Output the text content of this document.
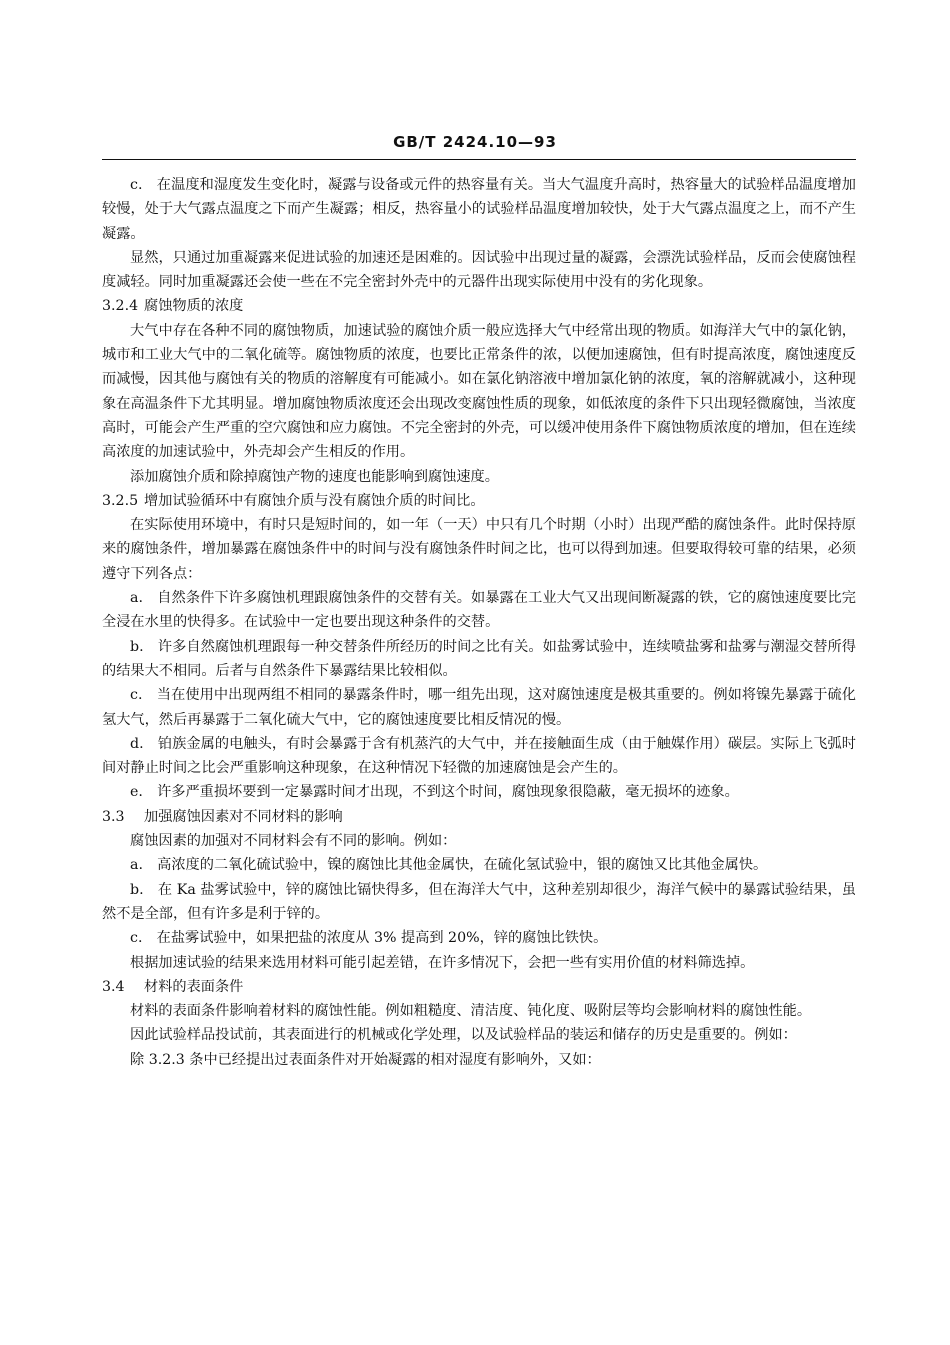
GB/T 2424.10—93

c.　在温度和湿度发生变化时，凝露与设备或元件的热容量有关。当大气温度升高时，热容量大的试验样品温度增加较慢，处于大气露点温度之下而产生凝露；相反，热容量小的试验样品温度增加较快，处于大气露点温度之上，而不产生凝露。

显然，只通过加重凝露来促进试验的加速还是困难的。因试验中出现过量的凝露，会漂洗试验样品，反而会使腐蚀程度减轻。同时加重凝露还会使一些在不完全密封外壳中的元器件出现实际使用中没有的劣化现象。

3.2.4 腐蚀物质的浓度

大气中存在各种不同的腐蚀物质，加速试验的腐蚀介质一般应选择大气中经常出现的物质。如海洋大气中的氯化钠，城市和工业大气中的二氧化硫等。腐蚀物质的浓度，也要比正常条件的浓，以便加速腐蚀，但有时提高浓度，腐蚀速度反而减慢，因其他与腐蚀有关的物质的溶解度有可能减小。如在氯化钠溶液中增加氯化钠的浓度，氧的溶解就减小，这种现象在高温条件下尤其明显。增加腐蚀物质浓度还会出现改变腐蚀性质的现象，如低浓度的条件下只出现轻微腐蚀，当浓度高时，可能会产生严重的空穴腐蚀和应力腐蚀。不完全密封的外壳，可以缓冲使用条件下腐蚀物质浓度的增加，但在连续高浓度的加速试验中，外壳却会产生相反的作用。

添加腐蚀介质和除掉腐蚀产物的速度也能影响到腐蚀速度。

3.2.5 增加试验循环中有腐蚀介质与没有腐蚀介质的时间比。

在实际使用环境中，有时只是短时间的，如一年（一天）中只有几个时期（小时）出现严酷的腐蚀条件。此时保持原来的腐蚀条件，增加暴露在腐蚀条件中的时间与没有腐蚀条件时间之比，也可以得到加速。但要取得较可靠的结果，必须遵守下列各点：

a.　自然条件下许多腐蚀机理跟腐蚀条件的交替有关。如暴露在工业大气又出现间断凝露的铁，它的腐蚀速度要比完全浸在水里的快得多。在试验中一定也要出现这种条件的交替。

b.　许多自然腐蚀机理跟每一种交替条件所经历的时间之比有关。如盐雾试验中，连续喷盐雾和盐雾与潮湿交替所得的结果大不相同。后者与自然条件下暴露结果比较相似。

c.　当在使用中出现两组不相同的暴露条件时，哪一组先出现，这对腐蚀速度是极其重要的。例如将镍先暴露于硫化氢大气，然后再暴露于二氧化硫大气中，它的腐蚀速度要比相反情况的慢。

d.　铂族金属的电触头，有时会暴露于含有机蒸汽的大气中，并在接触面生成（由于触媒作用）碳层。实际上飞弧时间对静止时间之比会严重影响这种现象，在这种情况下轻微的加速腐蚀是会产生的。

e.　许多严重损坏要到一定暴露时间才出现，不到这个时间，腐蚀现象很隐蔽，毫无损坏的迹象。

3.3 加强腐蚀因素对不同材料的影响

腐蚀因素的加强对不同材料会有不同的影响。例如：

a.　高浓度的二氧化硫试验中，镍的腐蚀比其他金属快，在硫化氢试验中，银的腐蚀又比其他金属快。

b.　在 Ka 盐雾试验中，锌的腐蚀比镉快得多，但在海洋大气中，这种差别却很少，海洋气候中的暴露试验结果，虽然不是全部，但有许多是利于锌的。

c.　在盐雾试验中，如果把盐的浓度从 3% 提高到 20%，锌的腐蚀比铁快。

根据加速试验的结果来选用材料可能引起差错，在许多情况下，会把一些有实用价值的材料筛选掉。

3.4 材料的表面条件

材料的表面条件影响着材料的腐蚀性能。例如粗糙度、清洁度、钝化度、吸附层等均会影响材料的腐蚀性能。

因此试验样品投试前，其表面进行的机械或化学处理，以及试验样品的装运和储存的历史是重要的。例如：

除 3.2.3 条中已经提出过表面条件对开始凝露的相对湿度有影响外，又如：
